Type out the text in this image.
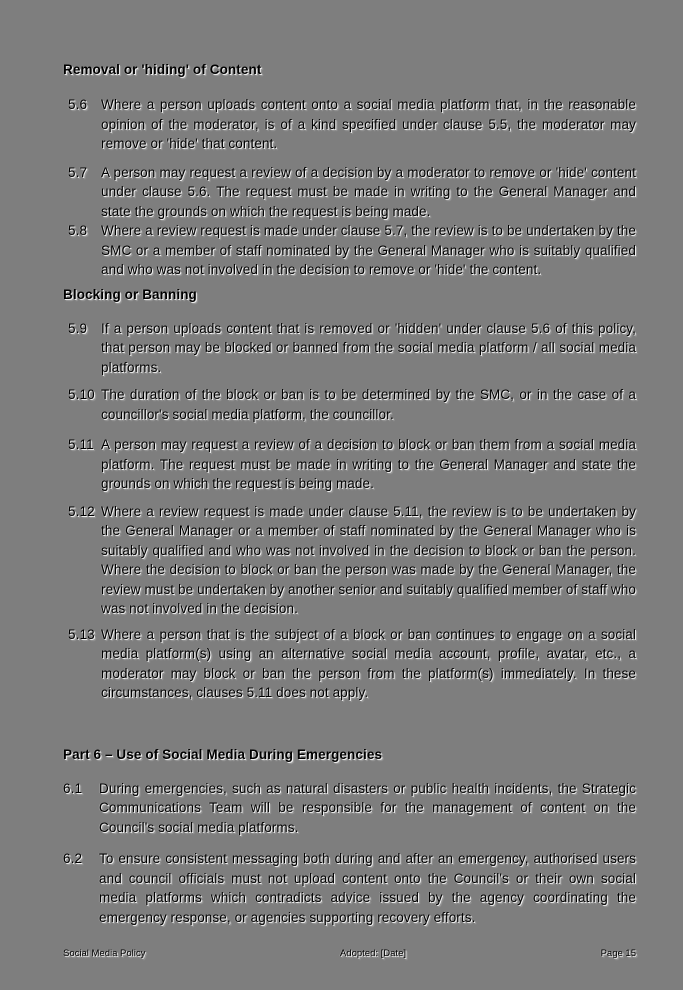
Removal or 'hiding' of Content
5.6	Where a person uploads content onto a social media platform that, in the reasonable opinion of the moderator, is of a kind specified under clause 5.5, the moderator may remove or 'hide' that content.
5.7	A person may request a review of a decision by a moderator to remove or 'hide' content under clause 5.6. The request must be made in writing to the General Manager and state the grounds on which the request is being made.
5.8	Where a review request is made under clause 5.7, the review is to be undertaken by the SMC or a member of staff nominated by the General Manager who is suitably qualified and who was not involved in the decision to remove or 'hide' the content.
Blocking or Banning
5.9	If a person uploads content that is removed or 'hidden' under clause 5.6 of this policy, that person may be blocked or banned from the social media platform / all social media platforms.
5.10 The duration of the block or ban is to be determined by the SMC, or in the case of a councillor's social media platform, the councillor.
5.11 A person may request a review of a decision to block or ban them from a social media platform. The request must be made in writing to the General Manager and state the grounds on which the request is being made.
5.12 Where a review request is made under clause 5.11, the review is to be undertaken by the General Manager or a member of staff nominated by the General Manager who is suitably qualified and who was not involved in the decision to block or ban the person. Where the decision to block or ban the person was made by the General Manager, the review must be undertaken by another senior and suitably qualified member of staff who was not involved in the decision.
5.13 Where a person that is the subject of a block or ban continues to engage on a social media platform(s) using an alternative social media account, profile, avatar, etc., a moderator may block or ban the person from the platform(s) immediately. In these circumstances, clauses 5.11 does not apply.
Part 6 – Use of Social Media During Emergencies
6.1	During emergencies, such as natural disasters or public health incidents, the Strategic Communications Team will be responsible for the management of content on the Council's social media platforms.
6.2	To ensure consistent messaging both during and after an emergency, authorised users and council officials must not upload content onto the Council's or their own social media platforms which contradicts advice issued by the agency coordinating the emergency response, or agencies supporting recovery efforts.
Social Media Policy	Adopted: [Date]	Page 15
